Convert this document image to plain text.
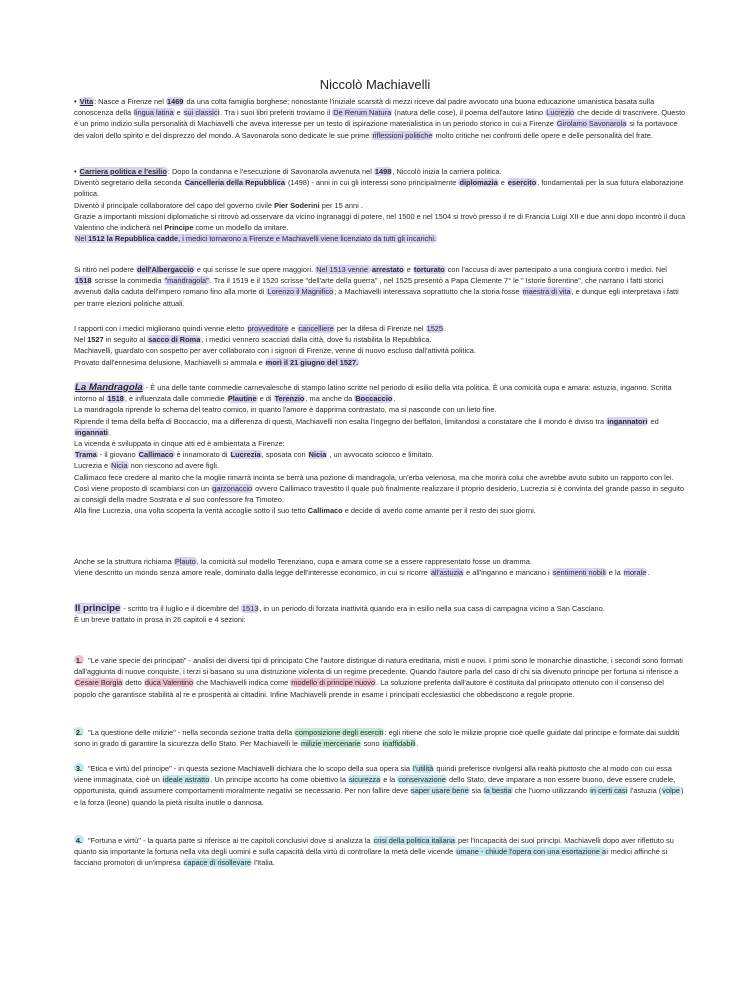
Niccolò Machiavelli

• Vita: Nasce a Firenze nel 1469 da una colta famiglia borghese; nonostante l'iniziale scarsità di mezzi riceve dal padre avvocato una buona educazione umanistica basata sulla conoscenza della lingua latina e sui classici. Tra i suoi libri preferiti troviamo il De Rerum Natura (natura delle cose), il poema dell'autore latino Lucrezio che decide di trascrivere. Questo è un primo indizio sulla personalità di Machiavelli che aveva interesse per un testo di ispirazione materialistica in un periodo storico in cui a Firenze Girolamo Savonarola si fa portavoce dei valori dello spirito e del disprezzo del mondo. A Savonarola sono dedicate le sue prime riflessioni politiche molto critiche nei confronti delle opere e delle personalità del frate.

• Carriera politica e l'esilio: Dopo la condanna e l'esecuzione di Savonarola avvenuta nel 1498, Niccolò inizia la carriera politica.
Diventò segretario della seconda Cancelleria della Repubblica (1498) - anni in cui gli interessi sono principalmente diplomazia e esercito, fondamentali per la sua futura elaborazione politica.
Diventò il principale collaboratore del capo del governo civile Pier Soderini per 15 anni .
Grazie a importanti missioni diplomatiche si ritrovò ad osservare da vicino ingranaggi di potere, nel 1500 e nel 1504 si trovò presso il re di Francia Luigi XII e due anni dopo incontrò il duca Valentino che indicherà nel Principe come un modello da imitare.
Nel 1512 la Repubblica cadde, i medici tornarono a Firenze e Machiavelli viene licenziato da tutti gli incarichi.

Si ritirò nel podere dell'Albergaccio e qui scrisse le sue opere maggiori. Nel 1513 venne arrestato e torturato con l'accusa di aver partecipato a una congiura contro i medici. Nel 1518 scrisse la commedia "mandragola". Tra il 1519 e il 1520 scrisse "dell'arte della guerra" , nel 1525 presentò a Papa Clemente 7° le " Istorie fiorentine", che narrano i fatti storici avvenuti dalla caduta dell'impero romano fino alla morte di Lorenzo il Magnifico; a Machiavelli interessava soprattutto che la storia fosse maestra di vita, e dunque egli interpretava i fatti per trarre elezioni politiche attuali.

I rapporti con i medici migliorano quindi venne eletto provveditore e cancelliere per la difesa di Firenze nel 1525.
Nel 1527 in seguito al sacco di Roma, i medici vennero scacciati dalla città, dove fu ristabilita la Repubblica.
Machiavelli, guardato con sospetto per aver collaborato con i signori di Firenze, venne di nuovo escluso dall'attività politica.
Provato dall'ennesima delusione, Machiavelli si ammala e morì il 21 giugno del 1527.

La Mandragola - È una delle tante commedie carnevalesche di stampo latino scritte nel periodo di esilio della vita politica. È una comicità cupa e amara: astuzia, inganno. Scritta intorno al 1518, è influenzata dalle commedie Plautine e di Terenzio, ma anche da Boccaccio.
La mandragola riprende lo schema del teatro comico, in quanto l'amore è dapprima contrastato, ma si nasconde con un lieto fine.
Riprende il tema della beffa di Boccaccio, ma a differenza di questi, Machiavelli non esalta l'ingegno dei beffatori, limitandosi a constatare che il mondo è diviso tra ingannatori ed ingannati.
La vicenda è sviluppata in cinque atti ed è ambientata a Firenze:
Trama - il giovano Callimaco è innamorato di Lucrezia, sposata con Nicia , un avvocato sciocco e limitato.
Lucrezia e Nicia non riescono ad avere figli.
Callimaco fece credere al marito che la moglie rimarrà incinta se berrà una pozione di mandragola, un'erba velenosa, ma che morirà colui che avrebbe avuto subito un rapporto con lei.
Così viene proposto di scambiarsi con un garzonaccio ovvero Callimaco travestito il quale può finalmente realizzare il proprio desiderio, Lucrezia si è convinta del grande passo in seguito ai consigli della madre Sostrata e al suo confessore fra Timoteo.
Alla fine Lucrezia, una volta scoperta la verità accoglie sotto il suo tetto Callimaco e decide di averlo come amante per il resto dei suoi giorni.

Anche se la struttura richiama Plauto, la comicità sul modello Terenziano, cupa e amara come se a essere rappresentato fosse un dramma.
Viene descritto un mondo senza amore reale, dominato dalla legge dell'interesse economico, in cui si ricorre all'astuzia e all'inganno e mancano i sentimenti nobili e la morale.

Il principe - scritto tra il luglio e il dicembre del 1513, in un periodo di forzata inattività quando era in esilio nella sua casa di campagna vicino a San Casciano.
È un breve trattato in prosa in 26 capitoli e 4 sezioni:

1. "Le varie specie dei principati" - analisi dei diversi tipi di principato Che l'autore distingue di natura ereditaria, misti e nuovi. I primi sono le monarchie dinastiche, i secondi sono formati dall'aggiunta di nuove conquiste, i terzi si basano su una distruzione violenta di un regime precedente. Quando l'autore parla del caso di chi sia divenuto principe per fortuna si riferisce a Cesare Borgia detto duca Valentino che Machiavelli indica come modello di principe nuovo. La soluzione preferita dall'autore è costituita dal principato ottenuto con il consenso del popolo che garantisce stabilità al re e prosperità ai cittadini. Infine Machiavelli prende in esame i principati ecclesiastici che obbediscono a regole proprie.

2. "La questione delle milizie" - nella seconda sezione tratta della composizione degli eserciti: egli ritiene che solo le milizie proprie cioè quelle guidate dal principe e formate dai sudditi sono in grado di garantire la sicurezza dello Stato. Per Machiavelli le milizie mercenarie sono inaffidabili.

3. "Etica e virtù del principe" - in questa sezione Machiavelli dichiara che lo scopo della sua opera sia l'utilità quindi preferisce rivolgersi alla realtà piuttosto che al modo con cui essa viene immaginata, cioè un ideale astratto. Un principe accorto ha come obiettivo la sicurezza e la conservazione dello Stato, deve imparare a non essere buono, deve essere crudele, opportunista, quindi assumere comportamenti moralmente negativi se necessario. Per non fallire deve saper usare bene sia la bestia che l'uomo utilizzando in certi casi l'astuzia (volpe) e la forza (leone) quando la pietà risulta inutile o dannosa.

4. "Fortuna e virtù" - la quarta parte si riferisce ai tre capitoli conclusivi dove si analizza la crisi della politica italiana per l'incapacità dei suoi principi. Machiavelli dopo aver riflettuto su quanto sia importante la fortuna nella vita degli uomini e sulla capacità della virtù di controllare la metà delle vicende umane - chiude l'opera con una esortazione ai medici affinché si facciano promotori di un'impresa capace di risollevare l'Italia.
